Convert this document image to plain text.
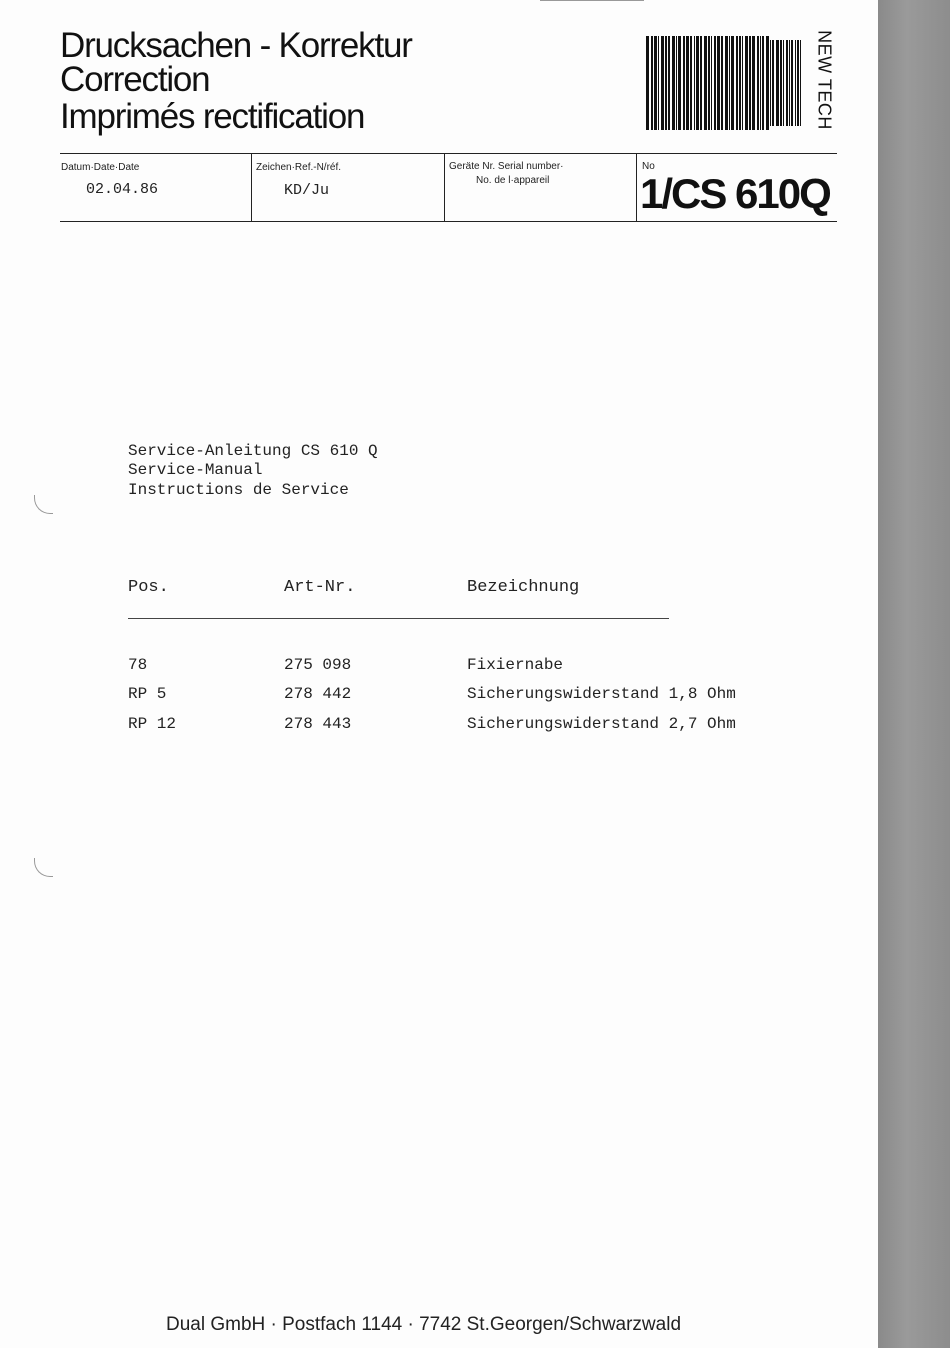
Drucksachen - Korrektur
Correction
Imprimés rectification	NEW TECH
Datum·Date·Date
02.04.86
Zeichen·Ref.-N/réf.
KD/Ju
Geräte Nr. Serial number·
No. de l·appareil
No
1/CS 610Q
Service-Anleitung CS 610 Q
Service-Manual
Instructions de Service
Pos.	Art-Nr.	Bezeichnung
78	275 098	Fixiernabe
RP 5	278 442	Sicherungswiderstand 1,8 Ohm
RP 12	278 443	Sicherungswiderstand 2,7 Ohm
Dual GmbH · Postfach 1144 · 7742 St.Georgen/Schwarzwald
